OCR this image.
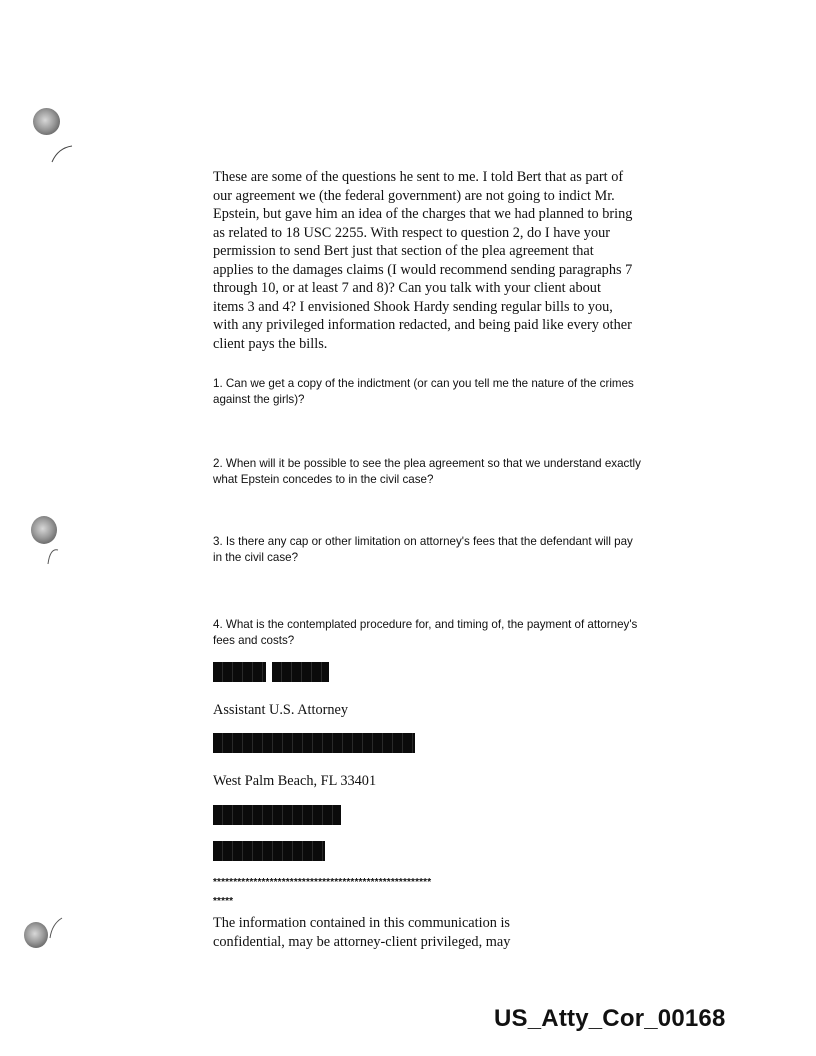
These are some of the questions he sent to me. I told Bert that as part of our agreement we (the federal government) are not going to indict Mr. Epstein, but gave him an idea of the charges that we had planned to bring as related to 18 USC 2255. With respect to question 2, do I have your permission to send Bert just that section of the plea agreement that applies to the damages claims (I would recommend sending paragraphs 7 through 10, or at least 7 and 8)? Can you talk with your client about items 3 and 4? I envisioned Shook Hardy sending regular bills to you, with any privileged information redacted, and being paid like every other client pays the bills.

1. Can we get a copy of the indictment (or can you tell me the nature of the crimes against the girls)?

2. When will it be possible to see the plea agreement so that we understand exactly what Epstein concedes to in the civil case?

3. Is there any cap or other limitation on attorney's fees that the defendant will pay in the civil case?

4. What is the contemplated procedure for, and timing of, the payment of attorney's fees and costs?

Assistant U.S. Attorney

West Palm Beach, FL 33401

******************************************************
*****

The information contained in this communication is confidential, may be attorney-client privileged, may

US_Atty_Cor_00168
